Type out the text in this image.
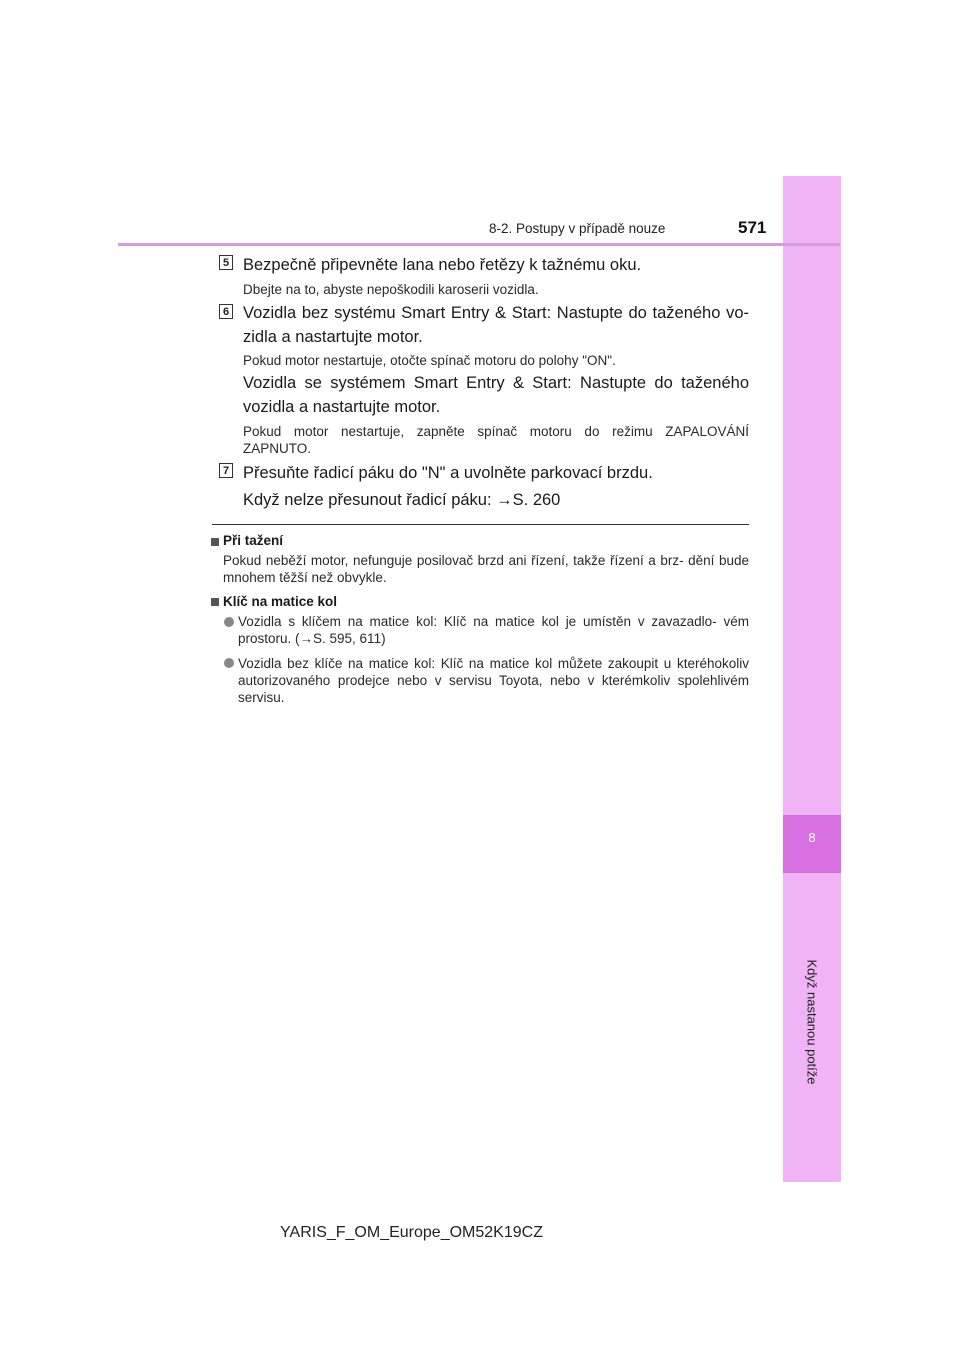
8
Když nastanou potíže
8-2. Postupy v případě nouze	571
5 Bezpečně připevněte lana nebo řetězy k tažnému oku.
Dbejte na to, abyste nepoškodili karoserii vozidla.
6 Vozidla bez systému Smart Entry & Start: Nastupte do taženého vo- zidla a nastartujte motor.
Pokud motor nestartuje, otočte spínač motoru do polohy "ON".
Vozidla se systémem Smart Entry & Start: Nastupte do taženého vozidla a nastartujte motor.
Pokud motor nestartuje, zapněte spínač motoru do režimu ZAPALOVÁNÍ ZAPNUTO.
7 Přesuňte řadicí páku do "N" a uvolněte parkovací brzdu.
Když nelze přesunout řadicí páku: →S. 260
Při tažení
Pokud neběží motor, nefunguje posilovač brzd ani řízení, takže řízení a brz- dění bude mnohem těžší než obvykle.
Klíč na matice kol
Vozidla s klíčem na matice kol: Klíč na matice kol je umístěn v zavazadlo- vém prostoru. (→S. 595, 611)
Vozidla bez klíče na matice kol: Klíč na matice kol můžete zakoupit u kteréhokoliv autorizovaného prodejce nebo v servisu Toyota, nebo v kterémkoliv spolehlivém servisu.
YARIS_F_OM_Europe_OM52K19CZ
